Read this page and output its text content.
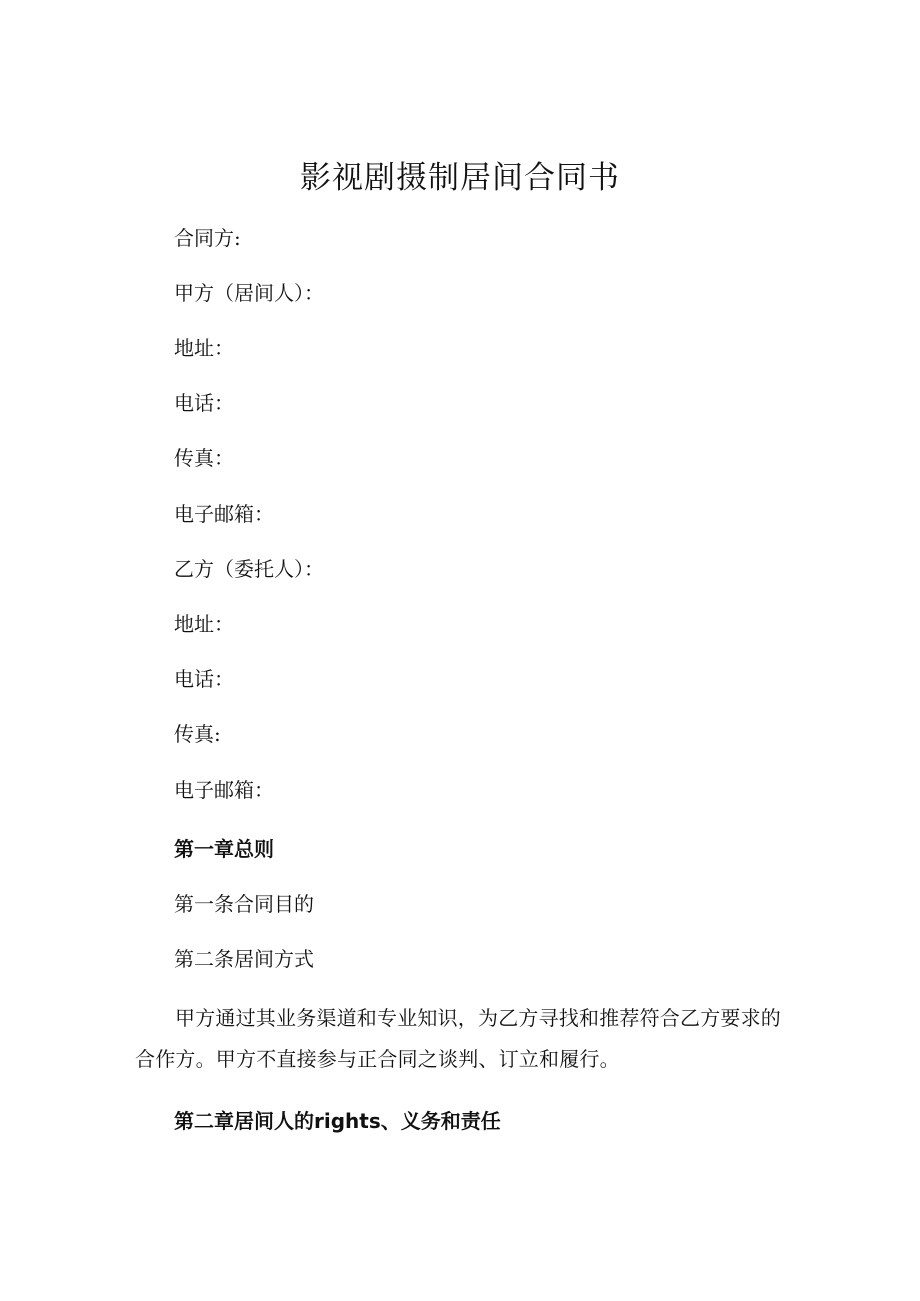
影视剧摄制居间合同书

合同方:

甲方（居间人）：

地址：

电话：

传真：

电子邮箱：

乙方（委托人）：

地址：

电话：

传真:

电子邮箱：

第一章总则

第一条合同目的

第二条居间方式

甲方通过其业务渠道和专业知识，为乙方寻找和推荐符合乙方要求的合作方。甲方不直接参与正合同之谈判、订立和履行。

第二章居间人的rights、义务和责任
